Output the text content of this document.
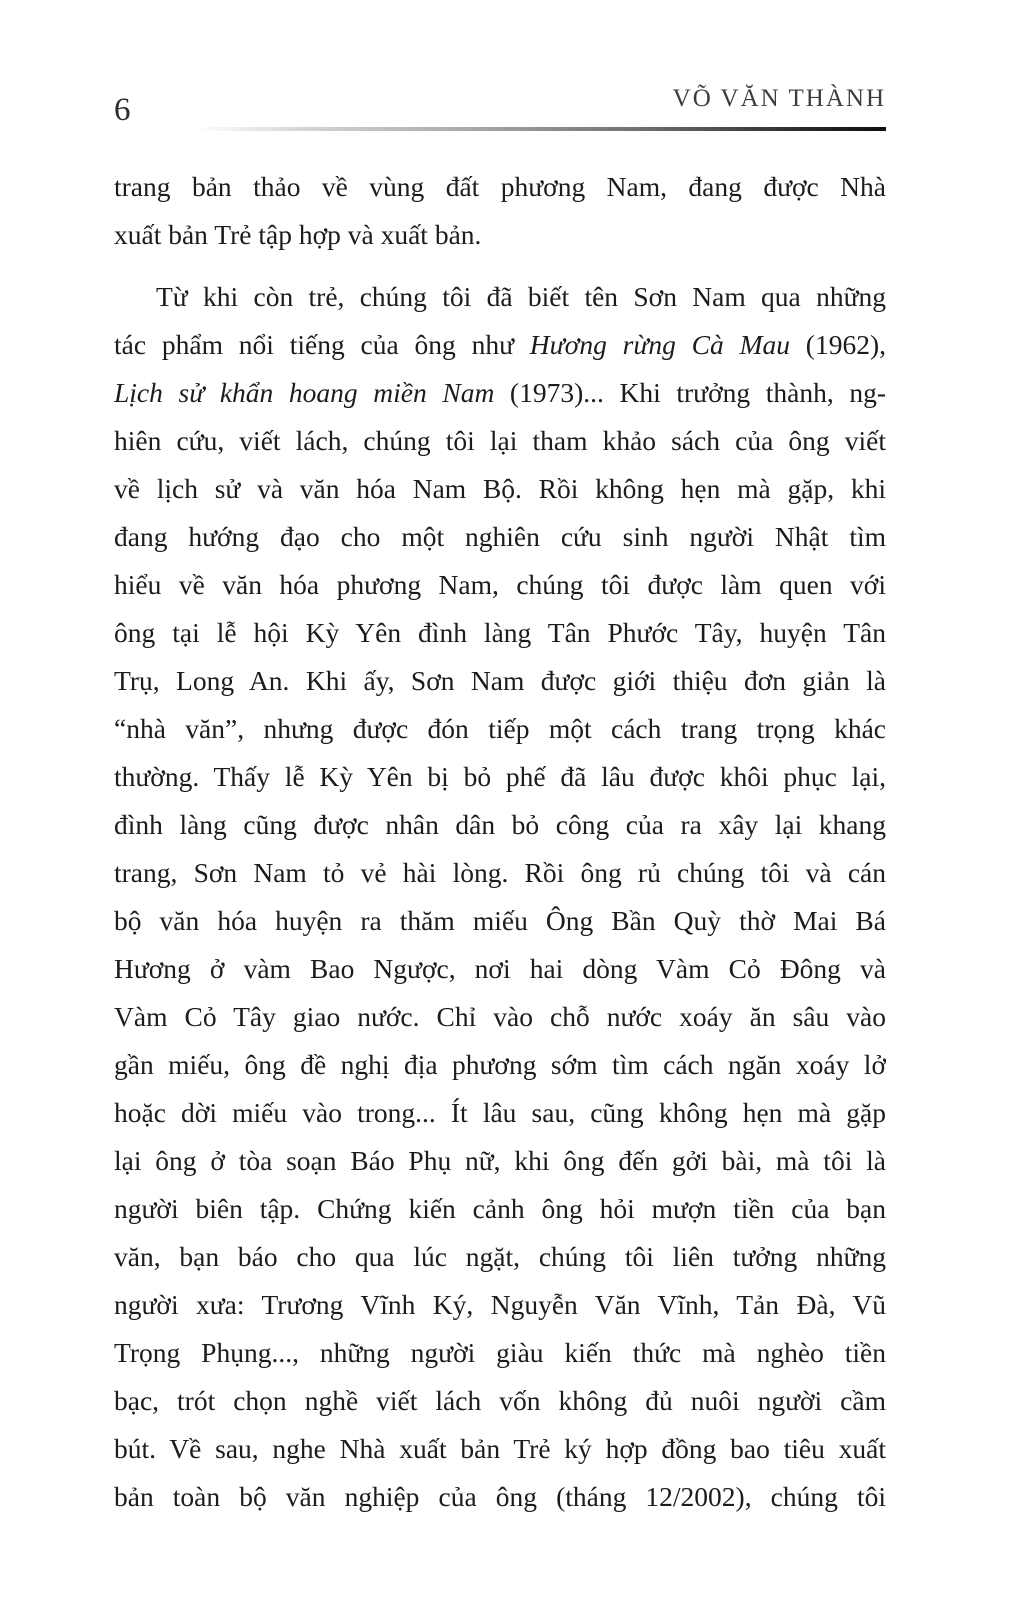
6	VÕ VĂN THÀNH
trang bản thảo về vùng đất phương Nam, đang được Nhà
xuất bản Trẻ tập hợp và xuất bản.
Từ khi còn trẻ, chúng tôi đã biết tên Sơn Nam qua những
tác phẩm nổi tiếng của ông như Hương rừng Cà Mau (1962),
Lịch sử khẩn hoang miền Nam (1973)... Khi trưởng thành, ng-
hiên cứu, viết lách, chúng tôi lại tham khảo sách của ông viết
về lịch sử và văn hóa Nam Bộ. Rồi không hẹn mà gặp, khi
đang hướng đạo cho một nghiên cứu sinh người Nhật tìm
hiểu về văn hóa phương Nam, chúng tôi được làm quen với
ông tại lễ hội Kỳ Yên đình làng Tân Phước Tây, huyện Tân
Trụ, Long An. Khi ấy, Sơn Nam được giới thiệu đơn giản là
“nhà văn”, nhưng được đón tiếp một cách trang trọng khác
thường. Thấy lễ Kỳ Yên bị bỏ phế đã lâu được khôi phục lại,
đình làng cũng được nhân dân bỏ công của ra xây lại khang
trang, Sơn Nam tỏ vẻ hài lòng. Rồi ông rủ chúng tôi và cán
bộ văn hóa huyện ra thăm miếu Ông Bần Quỳ thờ Mai Bá
Hương ở vàm Bao Ngược, nơi hai dòng Vàm Cỏ Đông và
Vàm Cỏ Tây giao nước. Chỉ vào chỗ nước xoáy ăn sâu vào
gần miếu, ông đề nghị địa phương sớm tìm cách ngăn xoáy lở
hoặc dời miếu vào trong... Ít lâu sau, cũng không hẹn mà gặp
lại ông ở tòa soạn Báo Phụ nữ, khi ông đến gởi bài, mà tôi là
người biên tập. Chứng kiến cảnh ông hỏi mượn tiền của bạn
văn, bạn báo cho qua lúc ngặt, chúng tôi liên tưởng những
người xưa: Trương Vĩnh Ký, Nguyễn Văn Vĩnh, Tản Đà, Vũ
Trọng Phụng..., những người giàu kiến thức mà nghèo tiền
bạc, trót chọn nghề viết lách vốn không đủ nuôi người cầm
bút. Về sau, nghe Nhà xuất bản Trẻ ký hợp đồng bao tiêu xuất
bản toàn bộ văn nghiệp của ông (tháng 12/2002), chúng tôi
